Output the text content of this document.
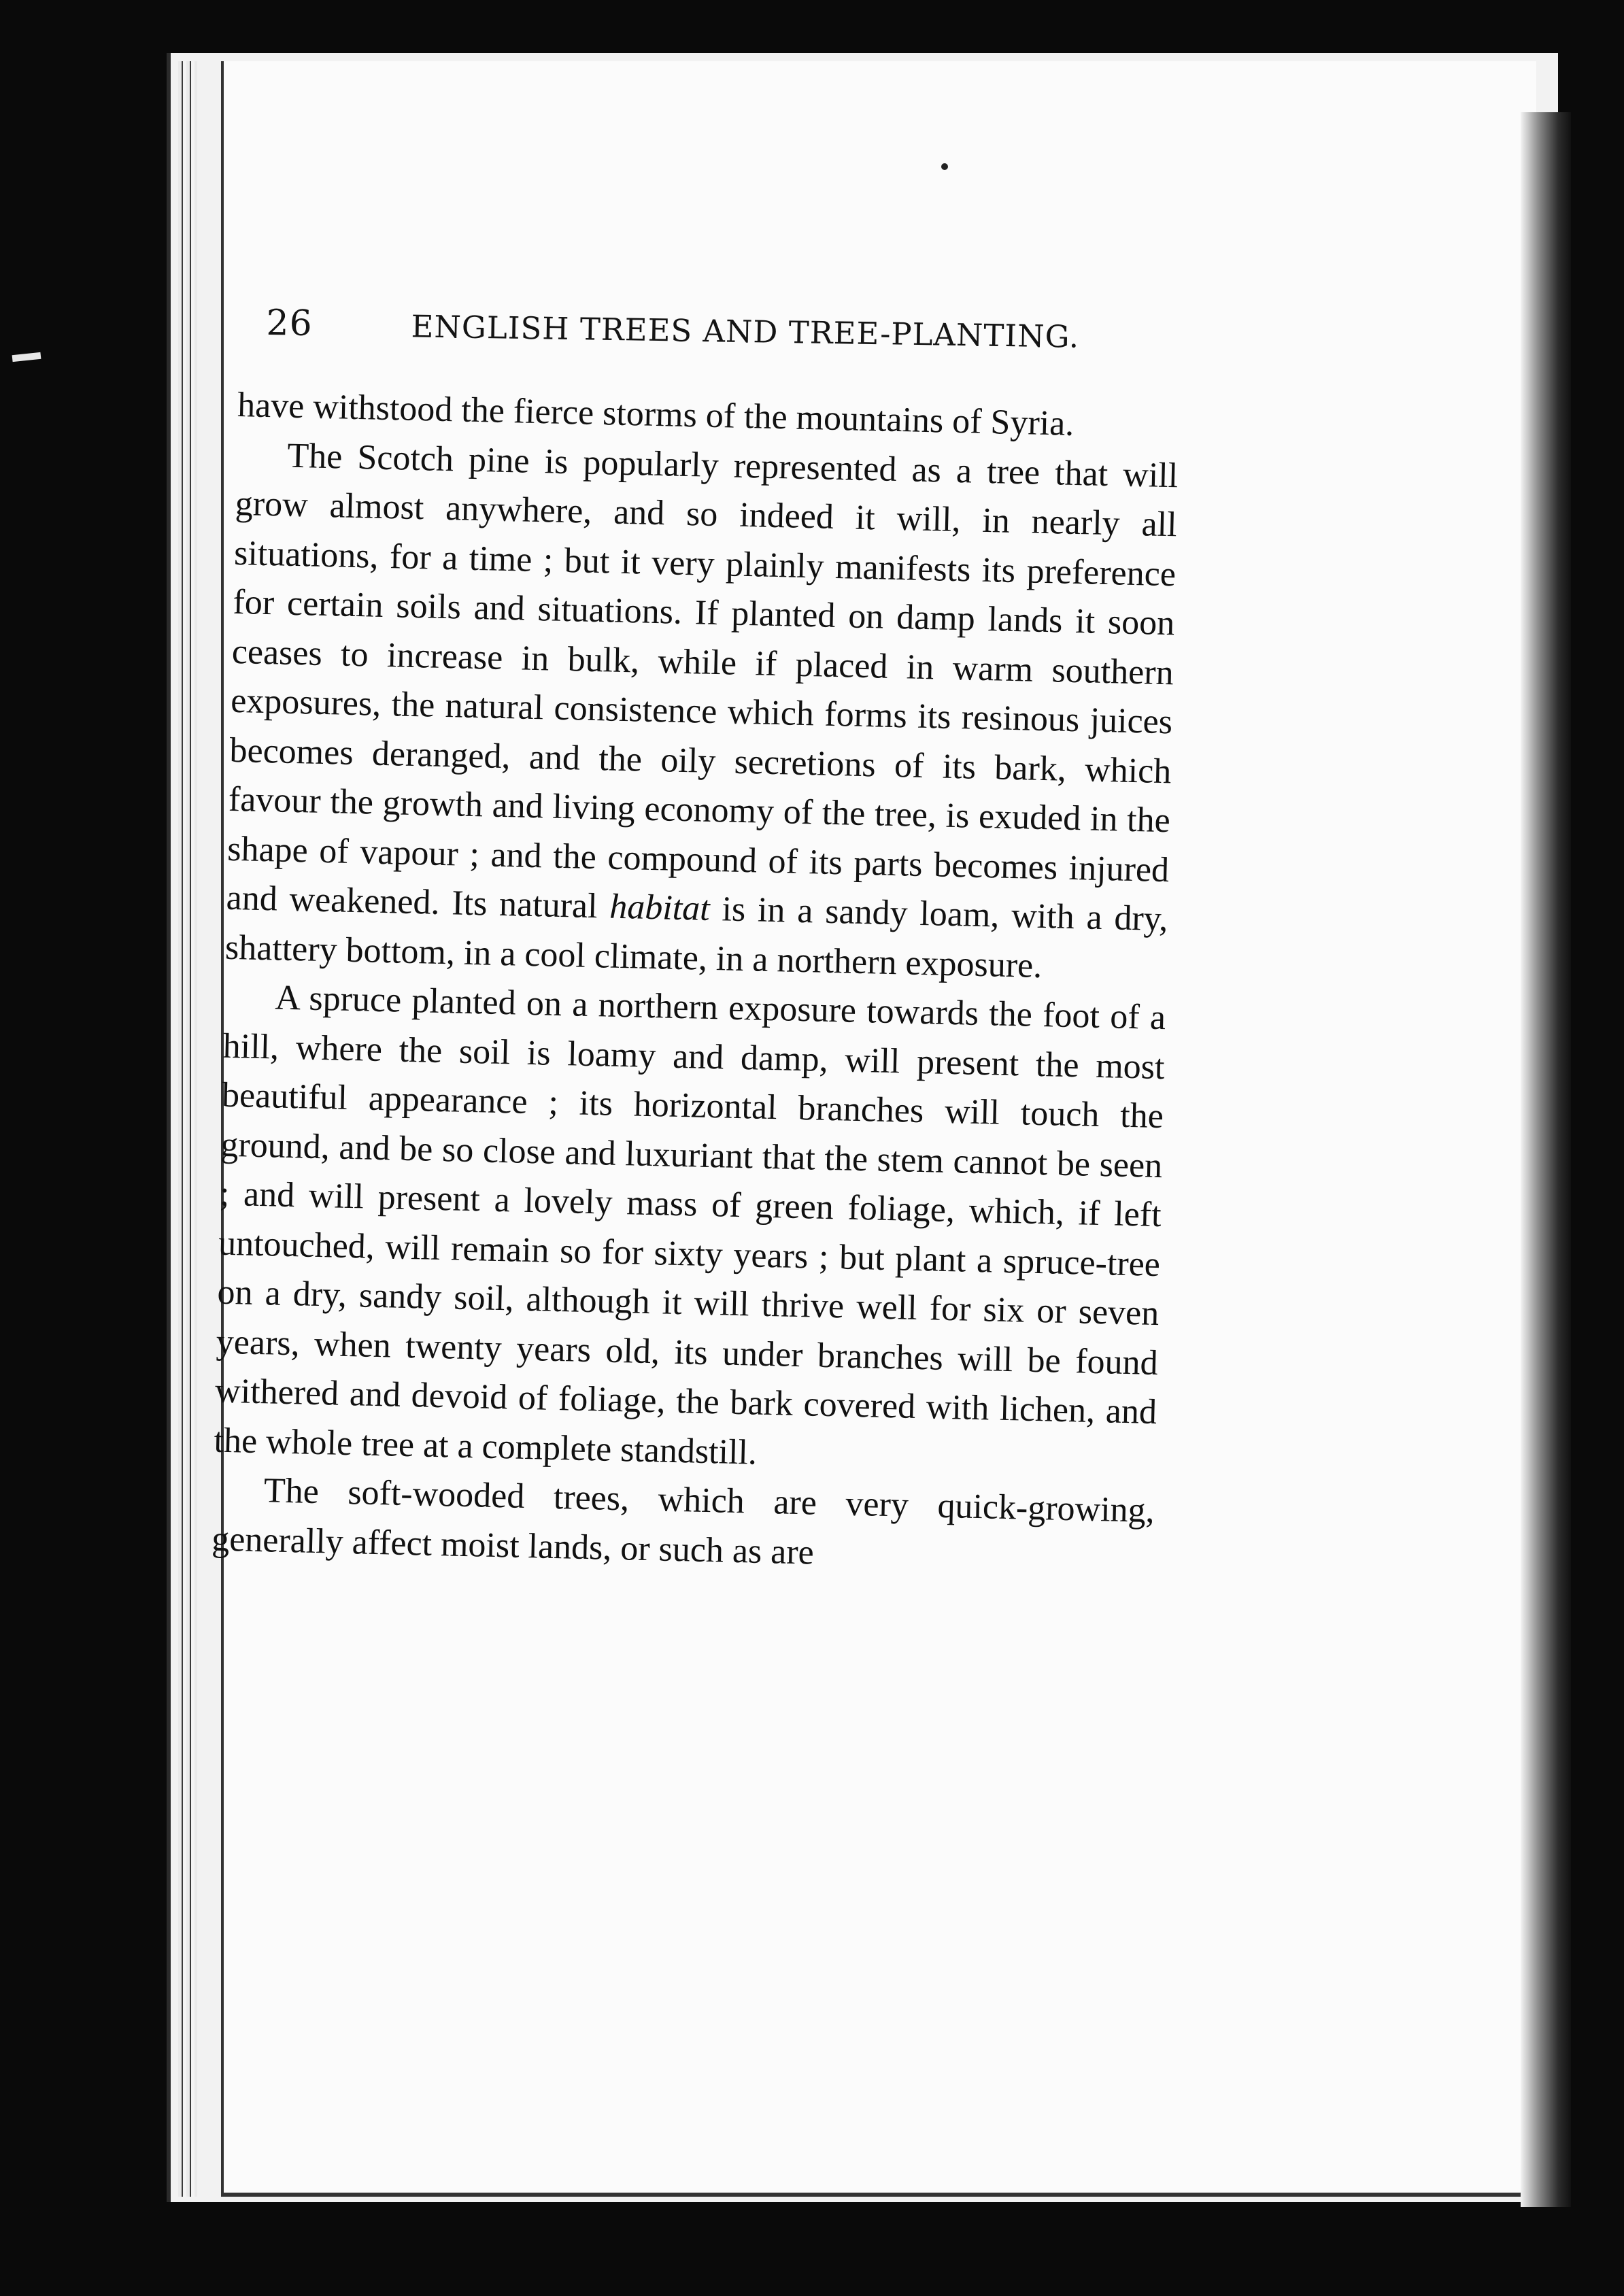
26	ENGLISH TREES AND TREE-PLANTING.

have withstood the fierce storms of the mountains of Syria.

The Scotch pine is popularly represented as a tree that will grow almost anywhere, and so indeed it will, in nearly all situations, for a time ; but it very plainly manifests its preference for certain soils and situations. If planted on damp lands it soon ceases to increase in bulk, while if placed in warm southern exposures, the natural consistence which forms its resinous juices becomes deranged, and the oily secretions of its bark, which favour the growth and living economy of the tree, is exuded in the shape of vapour ; and the compound of its parts becomes injured and weakened. Its natural habitat is in a sandy loam, with a dry, shattery bottom, in a cool climate, in a northern exposure.

A spruce planted on a northern exposure towards the foot of a hill, where the soil is loamy and damp, will present the most beautiful appearance ; its horizontal branches will touch the ground, and be so close and luxuriant that the stem cannot be seen ; and will present a lovely mass of green foliage, which, if left untouched, will remain so for sixty years ; but plant a spruce-tree on a dry, sandy soil, although it will thrive well for six or seven years, when twenty years old, its under branches will be found withered and devoid of foliage, the bark covered with lichen, and the whole tree at a complete standstill.

The soft-wooded trees, which are very quick-growing, generally affect moist lands, or such as are
